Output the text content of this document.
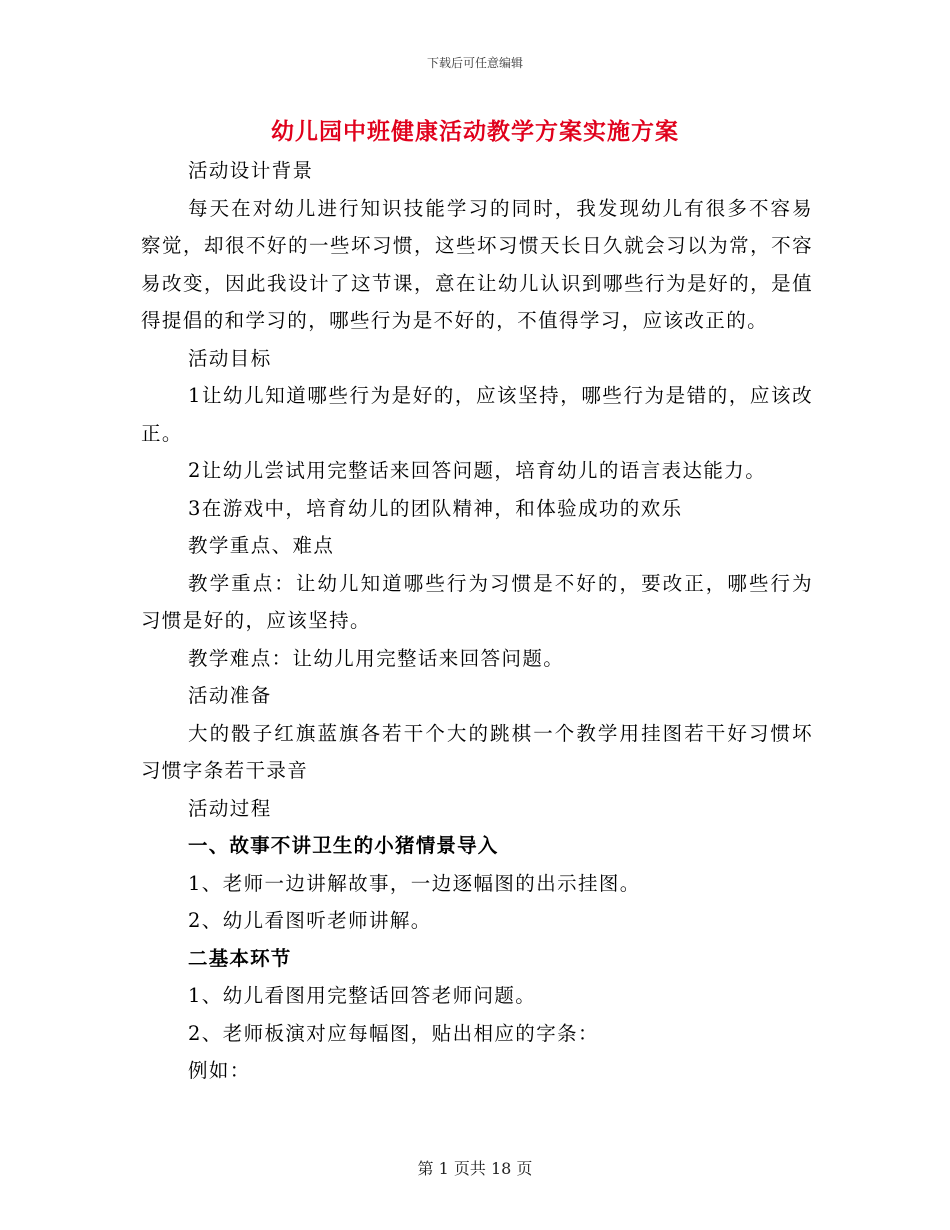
下载后可任意编辑
幼儿园中班健康活动教学方案实施方案

活动设计背景

每天在对幼儿进行知识技能学习的同时，我发现幼儿有很多不容易察觉，却很不好的一些坏习惯，这些坏习惯天长日久就会习以为常，不容易改变，因此我设计了这节课，意在让幼儿认识到哪些行为是好的，是值得提倡的和学习的，哪些行为是不好的，不值得学习，应该改正的。

活动目标

1让幼儿知道哪些行为是好的，应该坚持，哪些行为是错的，应该改正。

2让幼儿尝试用完整话来回答问题，培育幼儿的语言表达能力。

3在游戏中，培育幼儿的团队精神，和体验成功的欢乐

教学重点、难点

教学重点：让幼儿知道哪些行为习惯是不好的，要改正，哪些行为习惯是好的，应该坚持。

教学难点：让幼儿用完整话来回答问题。

活动准备

大的骰子红旗蓝旗各若干个大的跳棋一个教学用挂图若干好习惯坏习惯字条若干录音

活动过程

一、故事不讲卫生的小猪情景导入

1、老师一边讲解故事，一边逐幅图的出示挂图。

2、幼儿看图听老师讲解。

二基本环节

1、幼儿看图用完整话回答老师问题。

2、老师板演对应每幅图，贴出相应的字条：

例如：

第 1 页共 18 页
